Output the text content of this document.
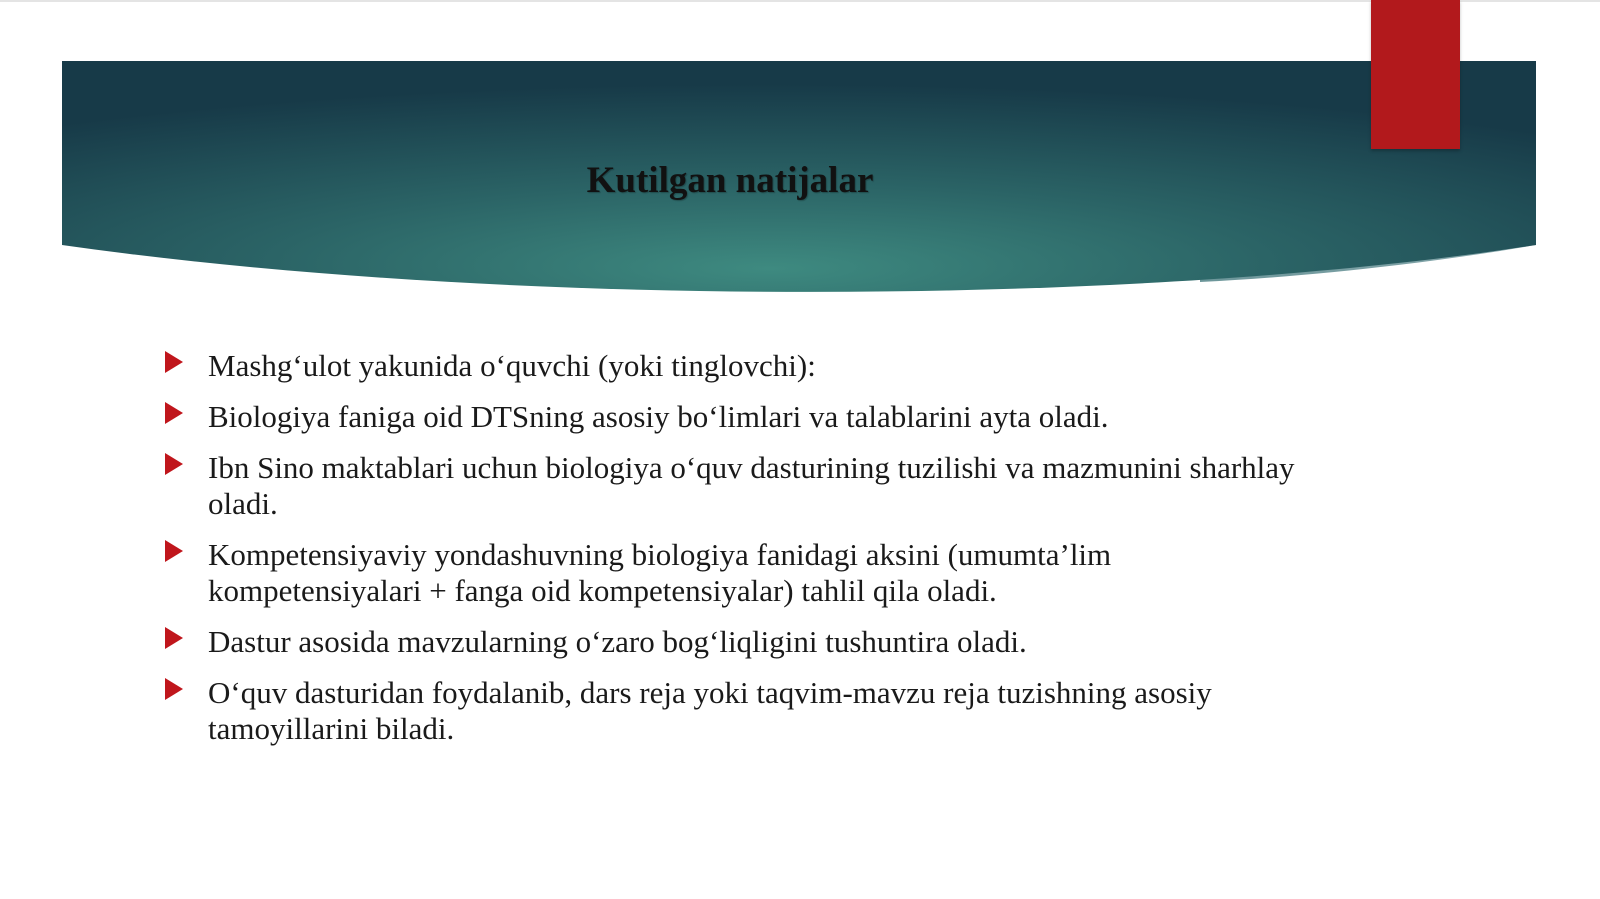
Kutilgan natijalar
Mashg‘ulot yakunida o‘quvchi (yoki tinglovchi):
Biologiya faniga oid DTSning asosiy bo‘limlari va talablarini ayta oladi.
Ibn Sino maktablari uchun biologiya o‘quv dasturining tuzilishi va mazmunini sharhlay oladi.
Kompetensiyaviy yondashuvning biologiya fanidagi aksini (umumta’lim kompetensiyalari + fanga oid kompetensiyalar) tahlil qila oladi.
Dastur asosida mavzularning o‘zaro bog‘liqligini tushuntira oladi.
O‘quv dasturidan foydalanib, dars reja yoki taqvim-mavzu reja tuzishning asosiy tamoyillarini biladi.
